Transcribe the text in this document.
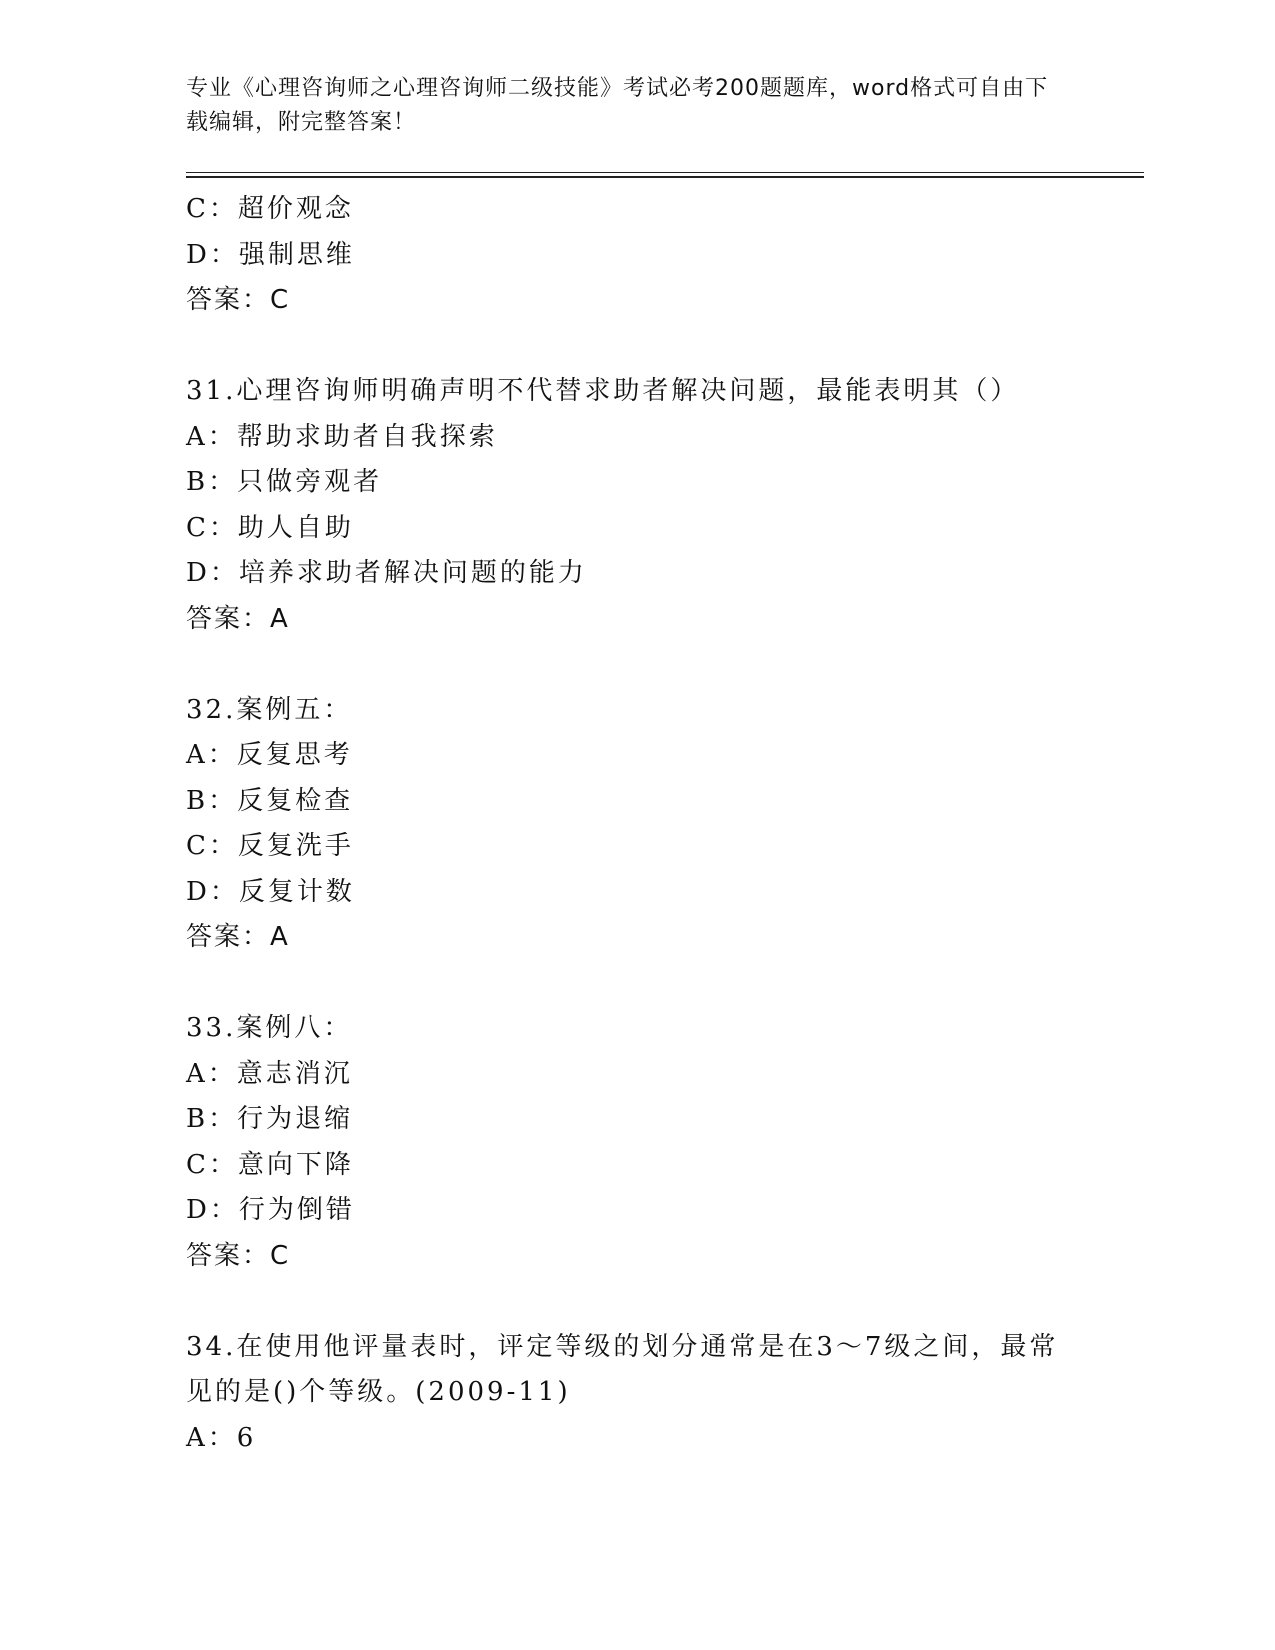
专业《心理咨询师之心理咨询师二级技能》考试必考200题题库，word格式可自由下载编辑，附完整答案！
C：超价观念
D：强制思维
答案：C
31.心理咨询师明确声明不代替求助者解决问题，最能表明其（）
A：帮助求助者自我探索
B：只做旁观者
C：助人自助
D：培养求助者解决问题的能力
答案：A
32.案例五：
A：反复思考
B：反复检查
C：反复洗手
D：反复计数
答案：A
33.案例八：
A：意志消沉
B：行为退缩
C：意向下降
D：行为倒错
答案：C
34.在使用他评量表时，评定等级的划分通常是在3～7级之间，最常
见的是()个等级。(2009-11)
A：6
